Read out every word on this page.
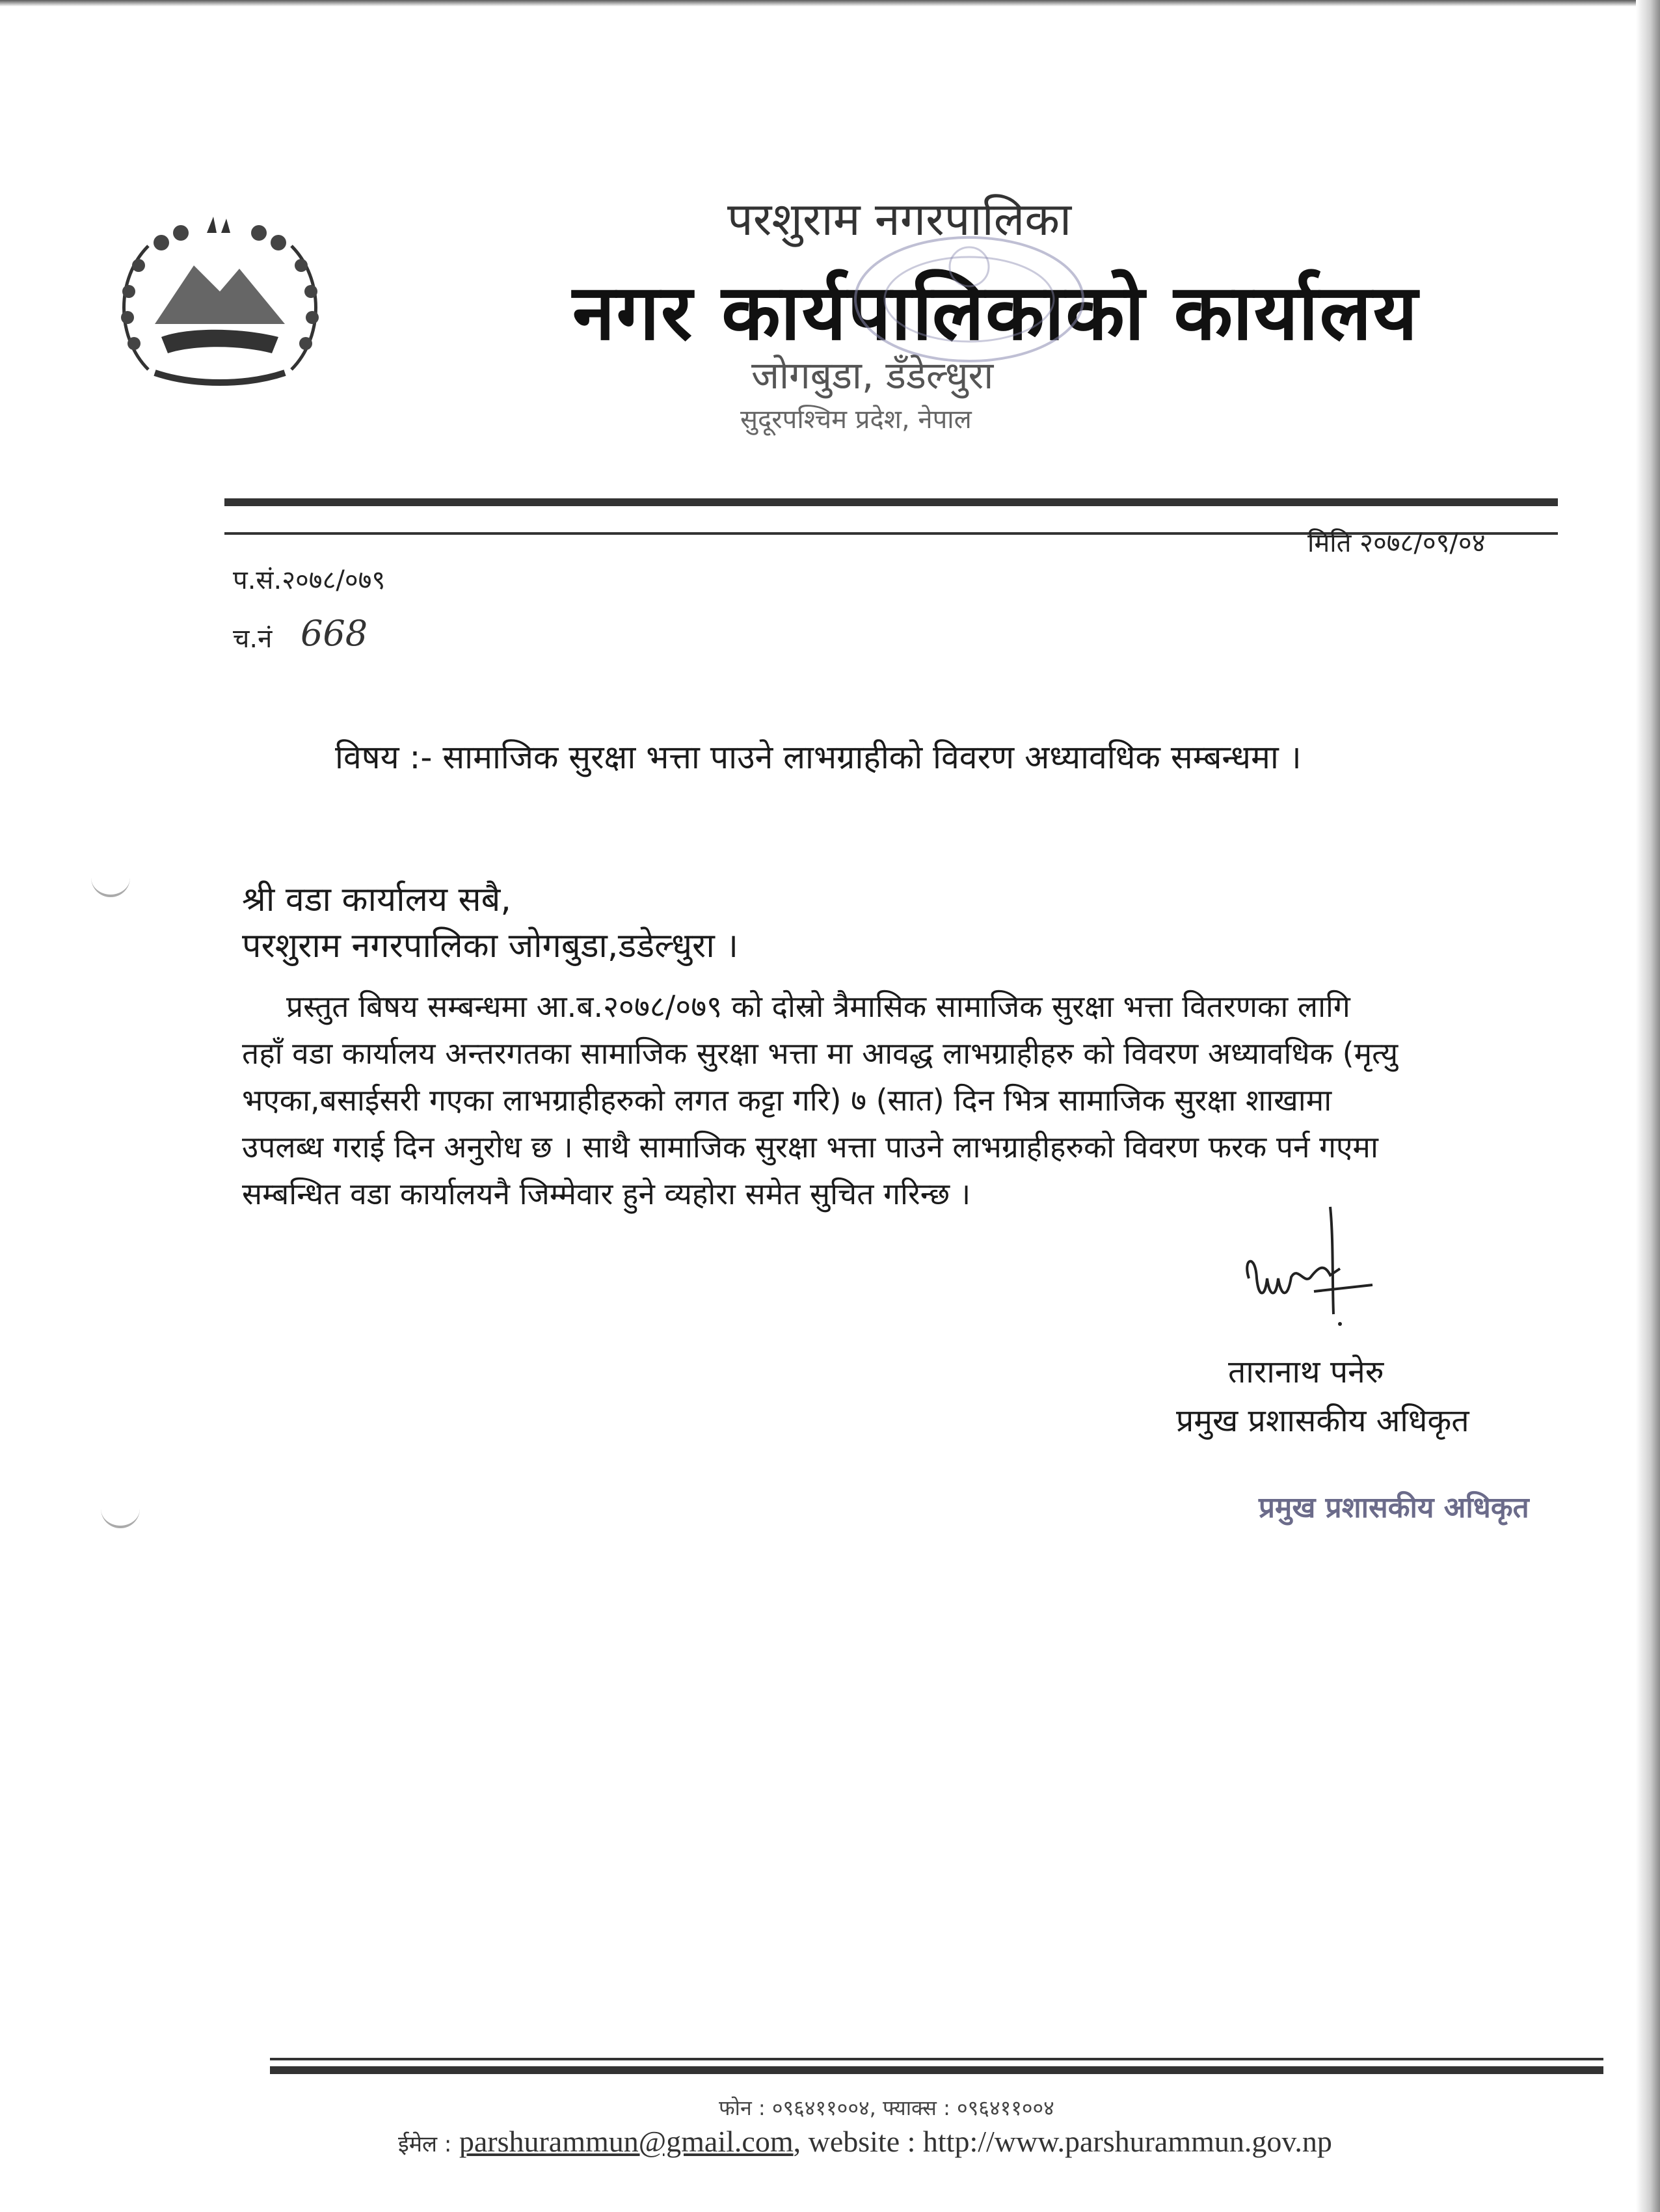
परशुराम नगरपालिका
नगर कार्यपालिकाको कार्यालय
जोगबुडा, डँडेल्धुरा
सुदूरपश्चिम प्रदेश, नेपाल
मिति २०७८/०९/०४
प.सं.२०७८/०७९
च.नं 668
विषय :- सामाजिक सुरक्षा भत्ता पाउने लाभग्राहीको विवरण अध्यावधिक सम्बन्धमा ।
श्री वडा कार्यालय सबै,
परशुराम नगरपालिका जोगबुडा,डडेल्धुरा ।
प्रस्तुत बिषय सम्बन्धमा आ.ब.२०७८/०७९ को दोस्रो त्रैमासिक सामाजिक सुरक्षा भत्ता वितरणका लागि
तहाँ वडा कार्यालय अन्तरगतका सामाजिक सुरक्षा भत्ता मा आवद्ध लाभग्राहीहरु को विवरण अध्यावधिक (मृत्यु
भएका,बसाईसरी गएका लाभग्राहीहरुको लगत कट्टा गरि) ७ (सात) दिन भित्र सामाजिक सुरक्षा शाखामा
उपलब्ध गराई दिन अनुरोध छ । साथै सामाजिक सुरक्षा भत्ता पाउने लाभग्राहीहरुको विवरण फरक पर्न गएमा
सम्बन्धित वडा कार्यालयनै जिम्मेवार हुने व्यहोरा समेत सुचित गरिन्छ ।
तारानाथ पनेरु
प्रमुख प्रशासकीय अधिकृत
प्रमुख प्रशासकीय अधिकृत
फोन : ०९६४११००४, फ्याक्स : ०९६४११००४
ईमेल : parshurammun@gmail.com, website : http://www.parshurammun.gov.np
